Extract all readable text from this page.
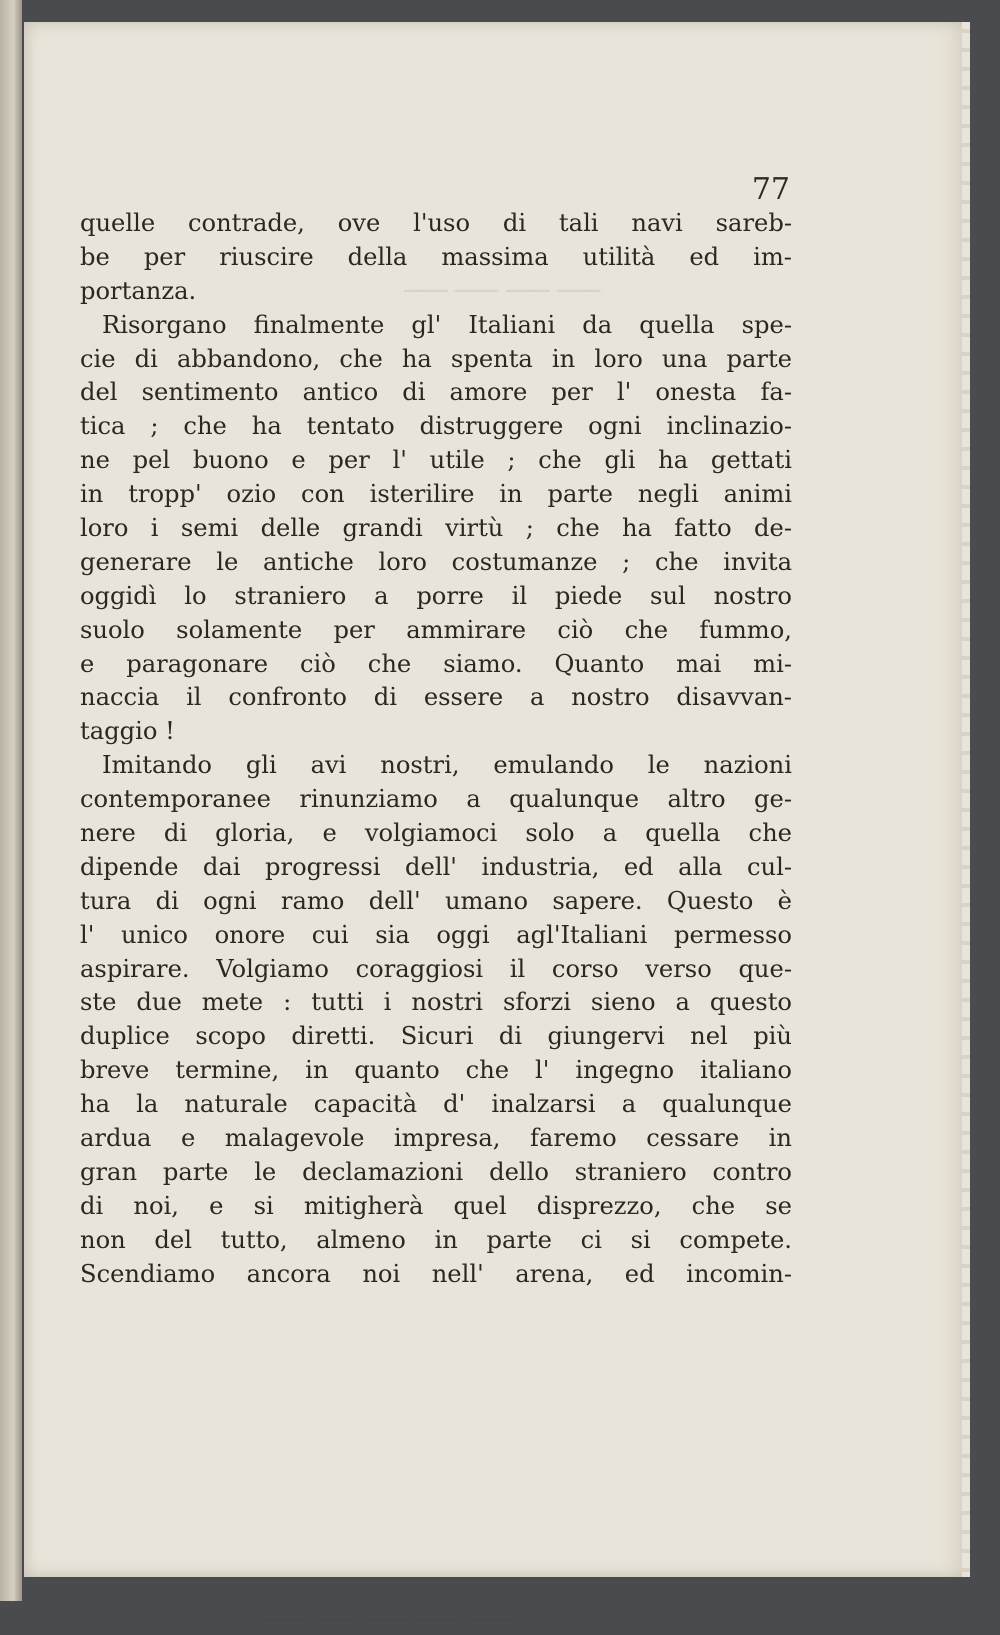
─── ─── ─── ───
─── ─── ─── ─── ───
77
quelle contrade, ove l'uso di tali navi sareb-
be per riuscire della massima utilità ed im-
portanza.
Risorgano finalmente gl' Italiani da quella spe-
cie di abbandono, che ha spenta in loro una parte
del sentimento antico di amore per l' onesta fa-
tica ; che ha tentato distruggere ogni inclinazio-
ne pel buono e per l' utile ; che gli ha gettati
in tropp' ozio con isterilire in parte negli animi
loro i semi delle grandi virtù ; che ha fatto de-
generare le antiche loro costumanze ; che invita
oggidì lo straniero a porre il piede sul nostro
suolo solamente per ammirare ciò che fummo,
e paragonare ciò che siamo. Quanto mai mi-
naccia il confronto di essere a nostro disavvan-
taggio !
Imitando gli avi nostri, emulando le nazioni
contemporanee rinunziamo a qualunque altro ge-
nere di gloria, e volgiamoci solo a quella che
dipende dai progressi dell' industria, ed alla cul-
tura di ogni ramo dell' umano sapere. Questo è
l' unico onore cui sia oggi agl'Italiani permesso
aspirare. Volgiamo coraggiosi il corso verso que-
ste due mete : tutti i nostri sforzi sieno a questo
duplice scopo diretti. Sicuri di giungervi nel più
breve termine, in quanto che l' ingegno italiano
ha la naturale capacità d' inalzarsi a qualunque
ardua e malagevole impresa, faremo cessare in
gran parte le declamazioni dello straniero contro
di noi, e si mitigherà quel disprezzo, che se
non del tutto, almeno in parte ci si compete.
Scendiamo ancora noi nell' arena, ed incomin-
